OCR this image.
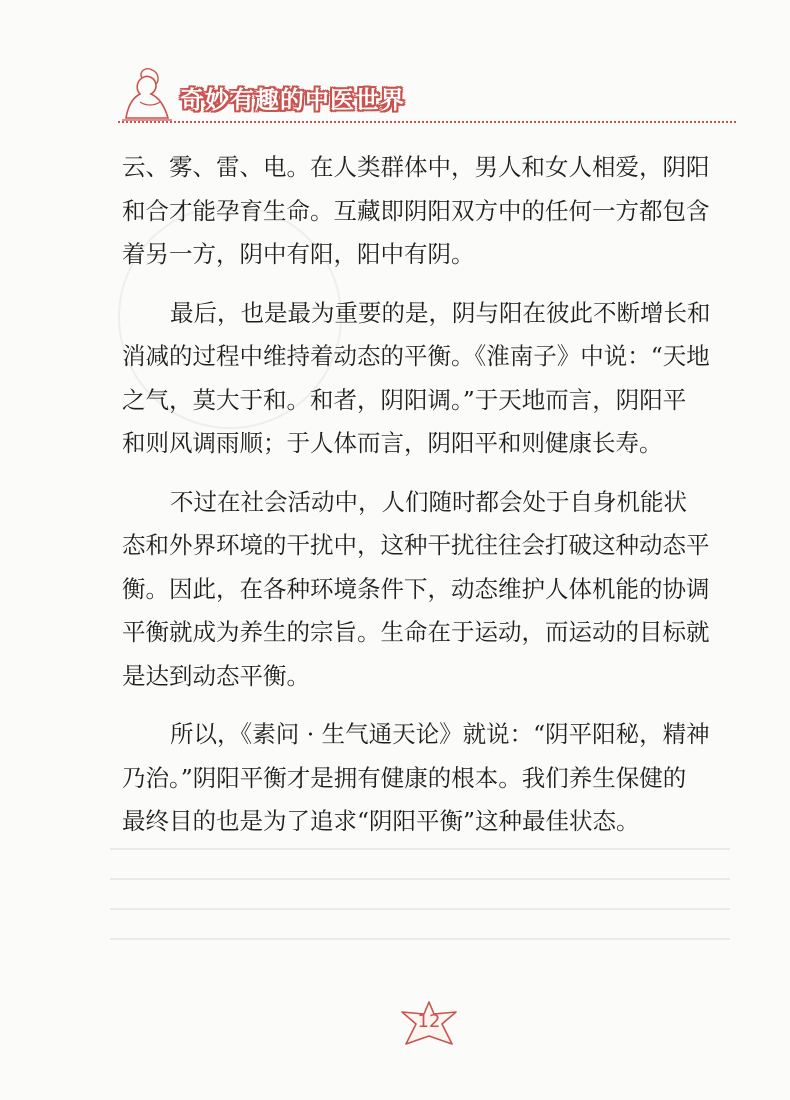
奇妙有趣的中医世界

云、雾、雷、电。在人类群体中，男人和女人相爱，阴阳
和合才能孕育生命。互藏即阴阳双方中的任何一方都包含
着另一方，阴中有阳，阳中有阴。

最后，也是最为重要的是，阴与阳在彼此不断增长和
消减的过程中维持着动态的平衡。《淮南子》中说：“天地
之气，莫大于和。和者，阴阳调。”于天地而言，阴阳平
和则风调雨顺；于人体而言，阴阳平和则健康长寿。

不过在社会活动中，人们随时都会处于自身机能状
态和外界环境的干扰中，这种干扰往往会打破这种动态平
衡。因此，在各种环境条件下，动态维护人体机能的协调
平衡就成为养生的宗旨。生命在于运动，而运动的目标就
是达到动态平衡。

所以，《素问 · 生气通天论》就说：“阴平阳秘，精神
乃治。”阴阳平衡才是拥有健康的根本。我们养生保健的
最终目的也是为了追求“阴阳平衡”这种最佳状态。

12
